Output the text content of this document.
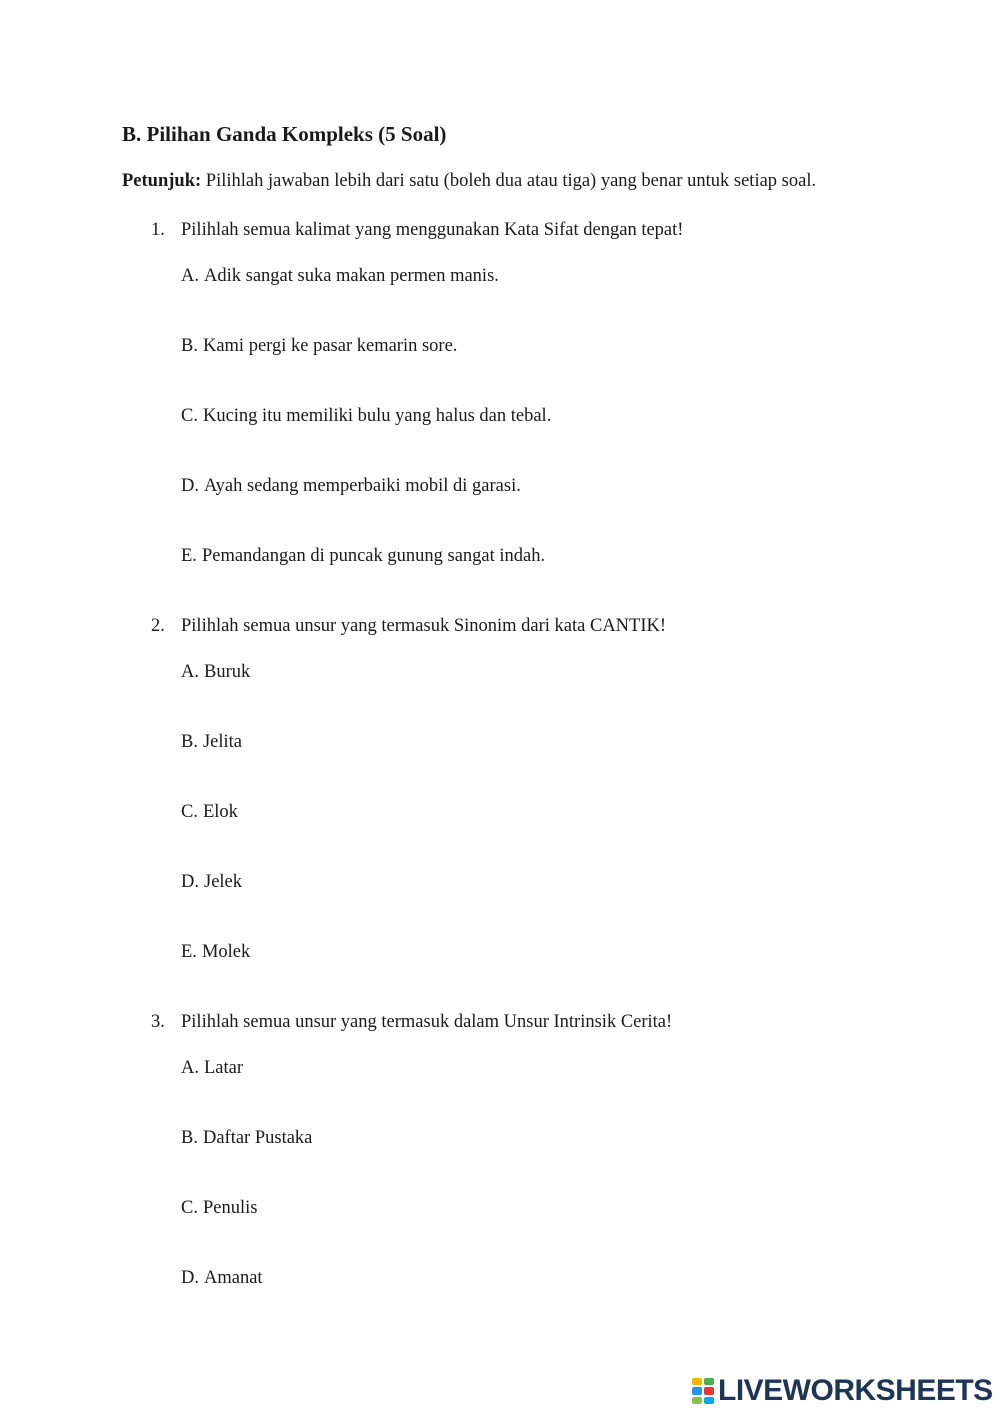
B. Pilihan Ganda Kompleks (5 Soal)

Petunjuk: Pilihlah jawaban lebih dari satu (boleh dua atau tiga) yang benar untuk setiap soal.

1. Pilihlah semua kalimat yang menggunakan Kata Sifat dengan tepat!
A. Adik sangat suka makan permen manis.
B. Kami pergi ke pasar kemarin sore.
C. Kucing itu memiliki bulu yang halus dan tebal.
D. Ayah sedang memperbaiki mobil di garasi.
E. Pemandangan di puncak gunung sangat indah.
2. Pilihlah semua unsur yang termasuk Sinonim dari kata CANTIK!
A. Buruk
B. Jelita
C. Elok
D. Jelek
E. Molek
3. Pilihlah semua unsur yang termasuk dalam Unsur Intrinsik Cerita!
A. Latar
B. Daftar Pustaka
C. Penulis
D. Amanat
LIVEWORKSHEETS
